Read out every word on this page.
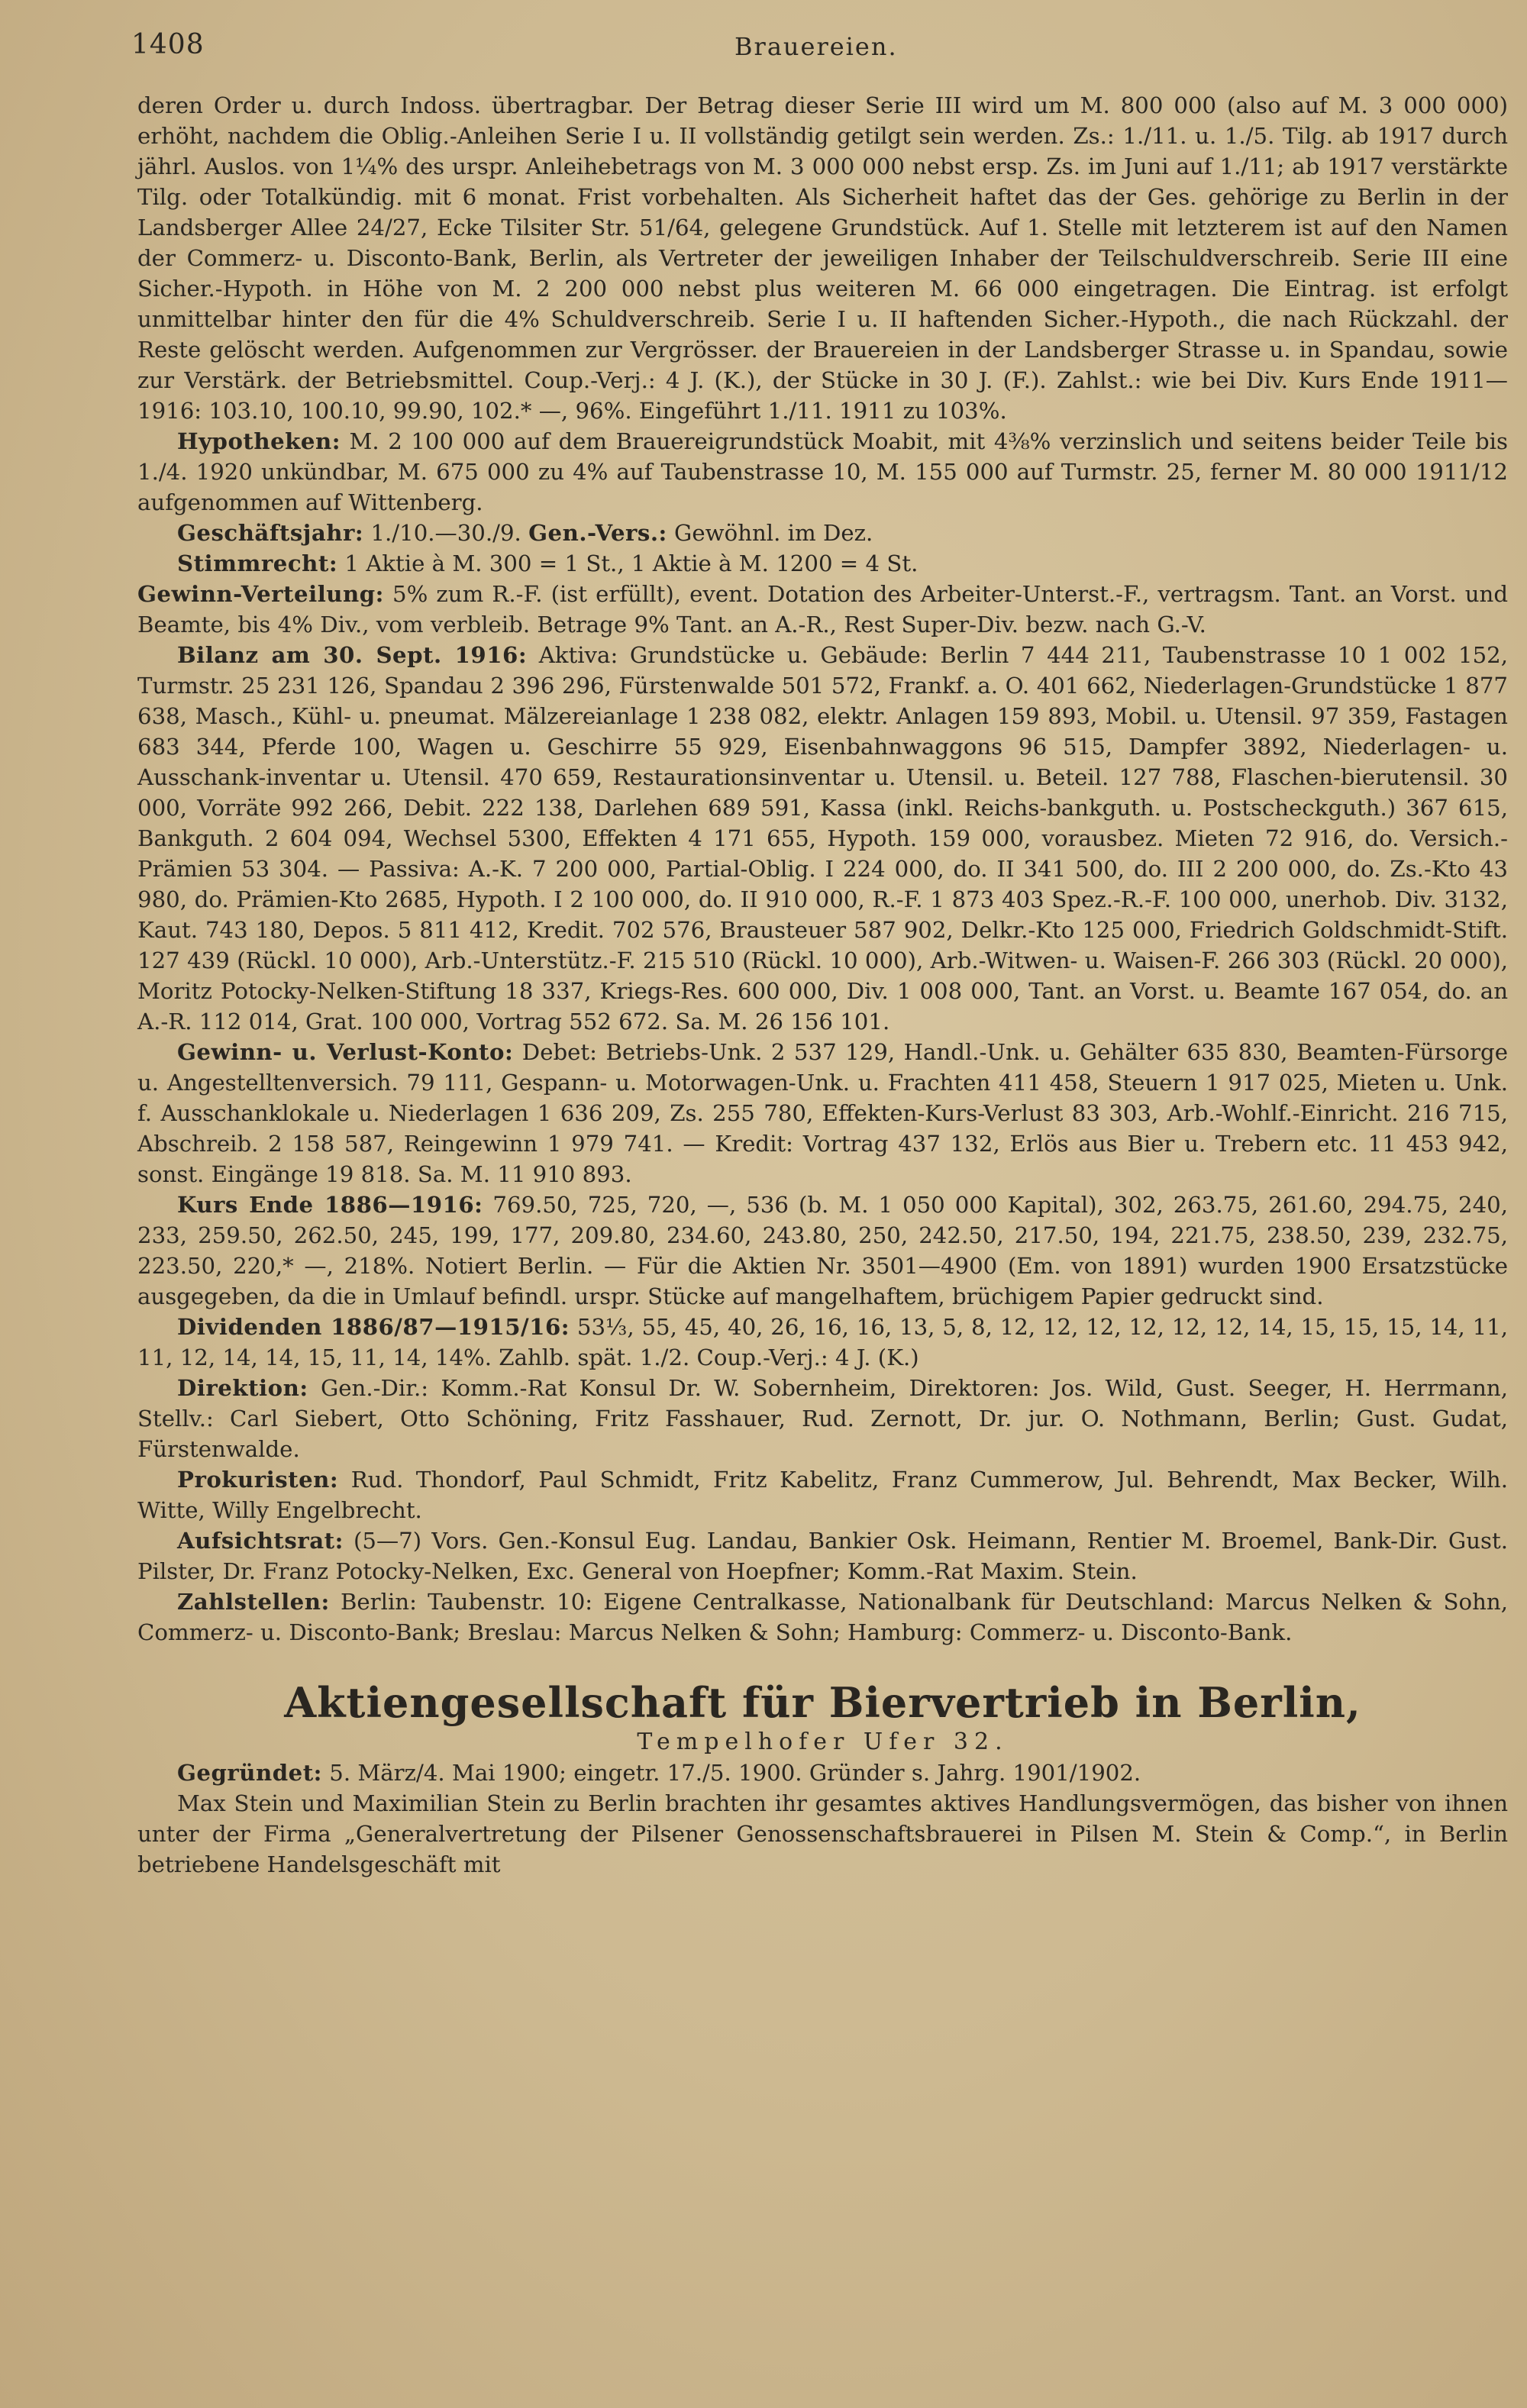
1408	Brauereien.

deren Order u. durch Indoss. übertragbar. Der Betrag dieser Serie III wird um M. 800 000 (also auf M. 3 000 000) erhöht, nachdem die Oblig.-Anleihen Serie I u. II vollständig getilgt sein werden. Zs.: 1./11. u. 1./5. Tilg. ab 1917 durch jährl. Auslos. von 1¼% des urspr. Anleihebetrags von M. 3 000 000 nebst ersp. Zs. im Juni auf 1./11; ab 1917 verstärkte Tilg. oder Totalkündig. mit 6 monat. Frist vorbehalten. Als Sicherheit haftet das der Ges. gehörige zu Berlin in der Landsberger Allee 24/27, Ecke Tilsiter Str. 51/64, gelegene Grundstück. Auf 1. Stelle mit letzterem ist auf den Namen der Commerz- u. Disconto-Bank, Berlin, als Vertreter der jeweiligen Inhaber der Teilschuldverschreib. Serie III eine Sicher.-Hypoth. in Höhe von M. 2 200 000 nebst plus weiteren M. 66 000 eingetragen. Die Eintrag. ist erfolgt unmittelbar hinter den für die 4% Schuldverschreib. Serie I u. II haftenden Sicher.-Hypoth., die nach Rückzahl. der Reste gelöscht werden. Aufgenommen zur Vergrösser. der Brauereien in der Landsberger Strasse u. in Spandau, sowie zur Verstärk. der Betriebsmittel. Coup.-Verj.: 4 J. (K.), der Stücke in 30 J. (F.). Zahlst.: wie bei Div. Kurs Ende 1911—1916: 103.10, 100.10, 99.90, 102.* —, 96%. Eingeführt 1./11. 1911 zu 103%.

Hypotheken: M. 2 100 000 auf dem Brauereigrundstück Moabit, mit 4⅜% verzinslich und seitens beider Teile bis 1./4. 1920 unkündbar, M. 675 000 zu 4% auf Taubenstrasse 10, M. 155 000 auf Turmstr. 25, ferner M. 80 000 1911/12 aufgenommen auf Wittenberg.

Geschäftsjahr: 1./10.—30./9. Gen.-Vers.: Gewöhnl. im Dez.

Stimmrecht: 1 Aktie à M. 300 = 1 St., 1 Aktie à M. 1200 = 4 St.

Gewinn-Verteilung: 5% zum R.-F. (ist erfüllt), event. Dotation des Arbeiter-Unterst.-F., vertragsm. Tant. an Vorst. und Beamte, bis 4% Div., vom verbleib. Betrage 9% Tant. an A.-R., Rest Super-Div. bezw. nach G.-V.

Bilanz am 30. Sept. 1916: Aktiva: Grundstücke u. Gebäude: Berlin 7 444 211, Taubenstrasse 10 1 002 152, Turmstr. 25 231 126, Spandau 2 396 296, Fürstenwalde 501 572, Frankf. a. O. 401 662, Niederlagen-Grundstücke 1 877 638, Masch., Kühl- u. pneumat. Mälzereianlage 1 238 082, elektr. Anlagen 159 893, Mobil. u. Utensil. 97 359, Fastagen 683 344, Pferde 100, Wagen u. Geschirre 55 929, Eisenbahnwaggons 96 515, Dampfer 3892, Niederlagen- u. Ausschank-inventar u. Utensil. 470 659, Restaurationsinventar u. Utensil. u. Beteil. 127 788, Flaschen-bierutensil. 30 000, Vorräte 992 266, Debit. 222 138, Darlehen 689 591, Kassa (inkl. Reichs-bankguth. u. Postscheckguth.) 367 615, Bankguth. 2 604 094, Wechsel 5300, Effekten 4 171 655, Hypoth. 159 000, vorausbez. Mieten 72 916, do. Versich.-Prämien 53 304. — Passiva: A.-K. 7 200 000, Partial-Oblig. I 224 000, do. II 341 500, do. III 2 200 000, do. Zs.-Kto 43 980, do. Prämien-Kto 2685, Hypoth. I 2 100 000, do. II 910 000, R.-F. 1 873 403 Spez.-R.-F. 100 000, unerhob. Div. 3132, Kaut. 743 180, Depos. 5 811 412, Kredit. 702 576, Brausteuer 587 902, Delkr.-Kto 125 000, Friedrich Goldschmidt-Stift. 127 439 (Rückl. 10 000), Arb.-Unterstütz.-F. 215 510 (Rückl. 10 000), Arb.-Witwen- u. Waisen-F. 266 303 (Rückl. 20 000), Moritz Potocky-Nelken-Stiftung 18 337, Kriegs-Res. 600 000, Div. 1 008 000, Tant. an Vorst. u. Beamte 167 054, do. an A.-R. 112 014, Grat. 100 000, Vortrag 552 672. Sa. M. 26 156 101.

Gewinn- u. Verlust-Konto: Debet: Betriebs-Unk. 2 537 129, Handl.-Unk. u. Gehälter 635 830, Beamten-Fürsorge u. Angestelltenversich. 79 111, Gespann- u. Motorwagen-Unk. u. Frachten 411 458, Steuern 1 917 025, Mieten u. Unk. f. Ausschanklokale u. Niederlagen 1 636 209, Zs. 255 780, Effekten-Kurs-Verlust 83 303, Arb.-Wohlf.-Einricht. 216 715, Abschreib. 2 158 587, Reingewinn 1 979 741. — Kredit: Vortrag 437 132, Erlös aus Bier u. Trebern etc. 11 453 942, sonst. Eingänge 19 818. Sa. M. 11 910 893.

Kurs Ende 1886—1916: 769.50, 725, 720, —, 536 (b. M. 1 050 000 Kapital), 302, 263.75, 261.60, 294.75, 240, 233, 259.50, 262.50, 245, 199, 177, 209.80, 234.60, 243.80, 250, 242.50, 217.50, 194, 221.75, 238.50, 239, 232.75, 223.50, 220,* —, 218%. Notiert Berlin. — Für die Aktien Nr. 3501—4900 (Em. von 1891) wurden 1900 Ersatzstücke ausgegeben, da die in Umlauf befindl. urspr. Stücke auf mangelhaftem, brüchigem Papier gedruckt sind.

Dividenden 1886/87—1915/16: 53⅓, 55, 45, 40, 26, 16, 16, 13, 5, 8, 12, 12, 12, 12, 12, 12, 14, 15, 15, 15, 14, 11, 11, 12, 14, 14, 15, 11, 14, 14%. Zahlb. spät. 1./2. Coup.-Verj.: 4 J. (K.)

Direktion: Gen.-Dir.: Komm.-Rat Konsul Dr. W. Sobernheim, Direktoren: Jos. Wild, Gust. Seeger, H. Herrmann, Stellv.: Carl Siebert, Otto Schöning, Fritz Fasshauer, Rud. Zernott, Dr. jur. O. Nothmann, Berlin; Gust. Gudat, Fürstenwalde.

Prokuristen: Rud. Thondorf, Paul Schmidt, Fritz Kabelitz, Franz Cummerow, Jul. Behrendt, Max Becker, Wilh. Witte, Willy Engelbrecht.

Aufsichtsrat: (5—7) Vors. Gen.-Konsul Eug. Landau, Bankier Osk. Heimann, Rentier M. Broemel, Bank-Dir. Gust. Pilster, Dr. Franz Potocky-Nelken, Exc. General von Hoepfner; Komm.-Rat Maxim. Stein.

Zahlstellen: Berlin: Taubenstr. 10: Eigene Centralkasse, Nationalbank für Deutschland: Marcus Nelken & Sohn, Commerz- u. Disconto-Bank; Breslau: Marcus Nelken & Sohn; Hamburg: Commerz- u. Disconto-Bank.

Aktiengesellschaft für Biervertrieb in Berlin,

Tempelhofer Ufer 32.

Gegründet: 5. März/4. Mai 1900; eingetr. 17./5. 1900. Gründer s. Jahrg. 1901/1902.

Max Stein und Maximilian Stein zu Berlin brachten ihr gesamtes aktives Handlungsvermögen, das bisher von ihnen unter der Firma „Generalvertretung der Pilsener Genossenschaftsbrauerei in Pilsen M. Stein & Comp.“, in Berlin betriebene Handelsgeschäft mit
